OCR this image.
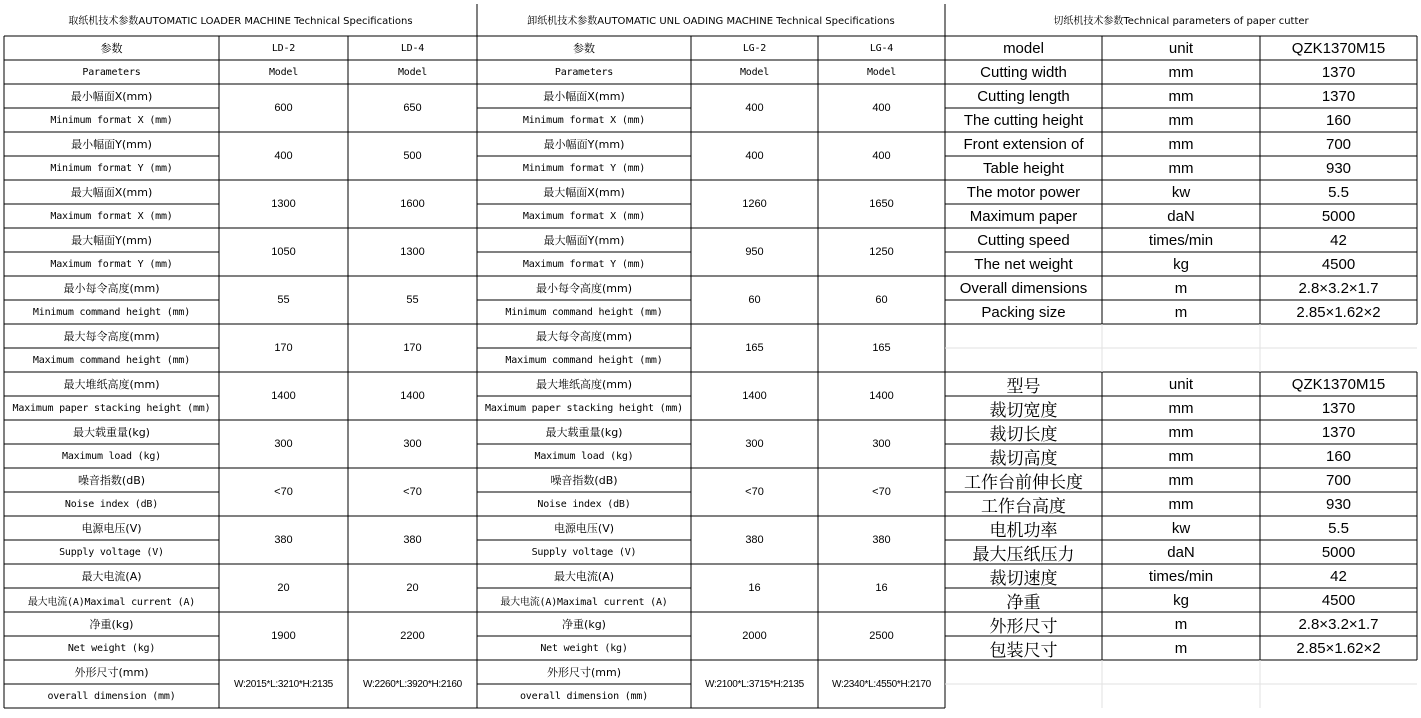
取纸机技术参数AUTOMATIC LOADER MACHINE Technical Specifications
参数
Parameters
LD-2	LD-4
Model	Model
最小幅面X(mm)
Minimum format X (mm)
600	650
最小幅面Y(mm)
Minimum format Y (mm)
400	500
最大幅面X(mm)
Maximum format X (mm)
1300	1600
最大幅面Y(mm)
Maximum format Y (mm)
1050	1300
最小每令高度(mm)
Minimum command height (mm)
55	55
最大每令高度(mm)
Maximum command height (mm)
170	170
最大堆纸高度(mm)
Maximum paper stacking height (mm)
1400	1400
最大载重量(kg)
Maximum load (kg)
300	300
噪音指数(dB)
Noise index (dB)
<70	<70
电源电压(V)
Supply voltage (V)
380	380
最大电流(A)
最大电流(A)Maximal current (A)
20	20
净重(kg)
Net weight (kg)
1900	2200
外形尺寸(mm)
overall dimension (mm)
W:2015*L:3210*H:2135	W:2260*L:3920*H:2160
卸纸机技术参数AUTOMATIC UNL OADING MACHINE Technical Specifications
参数
Parameters
LG-2	LG-4
Model	Model
最小幅面X(mm)
Minimum format X (mm)
400	400
最小幅面Y(mm)
Minimum format Y (mm)
400	400
最大幅面X(mm)
Maximum format X (mm)
1260	1650
最大幅面Y(mm)
Maximum format Y (mm)
950	1250
最小每令高度(mm)
Minimum command height (mm)
60	60
最大每令高度(mm)
Maximum command height (mm)
165	165
最大堆纸高度(mm)
Maximum paper stacking height (mm)
1400	1400
最大载重量(kg)
Maximum load (kg)
300	300
噪音指数(dB)
Noise index (dB)
<70	<70
电源电压(V)
Supply voltage (V)
380	380
最大电流(A)
最大电流(A)Maximal current (A)
16	16
净重(kg)
Net weight (kg)
2000	2500
外形尺寸(mm)
overall dimension (mm)
W:2100*L:3715*H:2135	W:2340*L:4550*H:2170
切纸机技术参数Technical parameters of paper cutter
model	unit	QZK1370M15
Cutting width	mm	1370
Cutting length	mm	1370
The cutting height	mm	160
Front extension of	mm	700
Table height	mm	930
The motor power	kw	5.5
Maximum paper	daN	5000
Cutting speed	times/min	42
The net weight	kg	4500
Overall dimensions	m	2.8×3.2×1.7
Packing size	m	2.85×1.62×2
型号	unit	QZK1370M15
裁切宽度	mm	1370
裁切长度	mm	1370
裁切高度	mm	160
工作台前伸长度	mm	700
工作台高度	mm	930
电机功率	kw	5.5
最大压纸压力	daN	5000
裁切速度	times/min	42
净重	kg	4500
外形尺寸	m	2.8×3.2×1.7
包装尺寸	m	2.85×1.62×2
